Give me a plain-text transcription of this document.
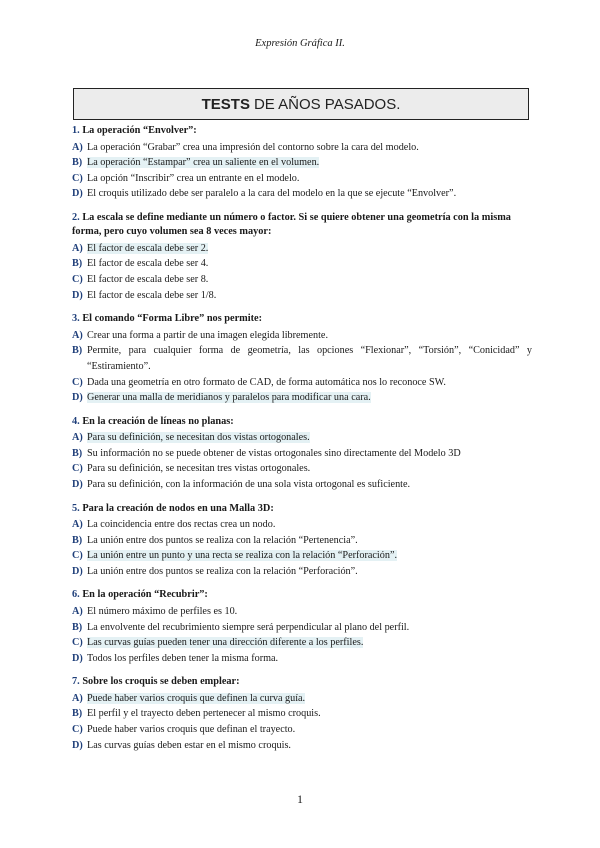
Expresión Gráfica II.
TESTS DE AÑOS PASADOS.
1. La operación “Envolver”:
A) La operación “Grabar” crea una impresión del contorno sobre la cara del modelo.
B) La operación “Estampar” crea un saliente en el volumen.
C) La opción “Inscribir” crea un entrante en el modelo.
D) El croquis utilizado debe ser paralelo a la cara del modelo en la que se ejecute “Envolver”.
2. La escala se define mediante un número o factor. Si se quiere obtener una geometría con la misma forma, pero cuyo volumen sea 8 veces mayor:
A) El factor de escala debe ser 2.
B) El factor de escala debe ser 4.
C) El factor de escala debe ser 8.
D) El factor de escala debe ser 1/8.
3. El comando “Forma Libre” nos permite:
A) Crear una forma a partir de una imagen elegida libremente.
B) Permite, para cualquier forma de geometría, las opciones “Flexionar”, “Torsión”, “Conicidad” y “Estiramiento”.
C) Dada una geometría en otro formato de CAD, de forma automática nos lo reconoce SW.
D) Generar una malla de meridianos y paralelos para modificar una cara.
4. En la creación de líneas no planas:
A) Para su definición, se necesitan dos vistas ortogonales.
B) Su información no se puede obtener de vistas ortogonales sino directamente del Modelo 3D
C) Para su definición, se necesitan tres vistas ortogonales.
D) Para su definición, con la información de una sola vista ortogonal es suficiente.
5. Para la creación de nodos en una Malla 3D:
A) La coincidencia entre dos rectas crea un nodo.
B) La unión entre dos puntos se realiza con la relación “Pertenencia”.
C) La unión entre un punto y una recta se realiza con la relación “Perforación”.
D) La unión entre dos puntos se realiza con la relación “Perforación”.
6. En la operación “Recubrir”:
A) El número máximo de perfiles es 10.
B) La envolvente del recubrimiento siempre será perpendicular al plano del perfil.
C) Las curvas guías pueden tener una dirección diferente a los perfiles.
D) Todos los perfiles deben tener la misma forma.
7. Sobre los croquis se deben emplear:
A) Puede haber varios croquis que definen la curva guía.
B) El perfil y el trayecto deben pertenecer al mismo croquis.
C) Puede haber varios croquis que definan el trayecto.
D) Las curvas guías deben estar en el mismo croquis.
1
